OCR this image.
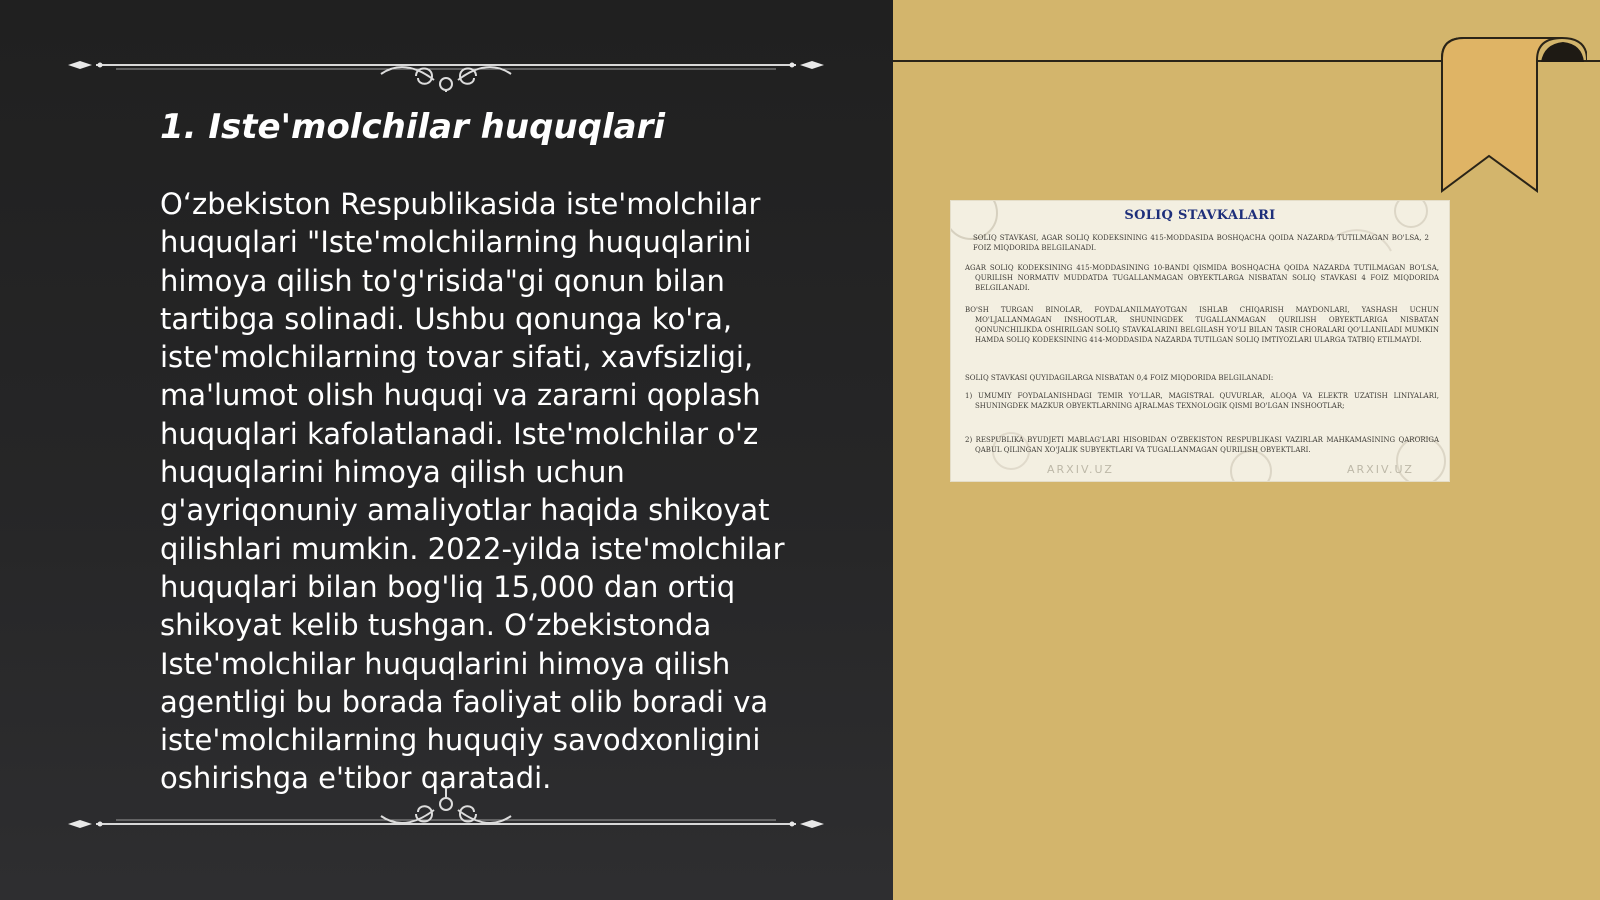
1. Iste'molchilar huquqlari

O‘zbekiston Respublikasida iste'molchilar huquqlari "Iste'molchilarning huquqlarini himoya qilish to'g'risida"gi qonun bilan tartibga solinadi. Ushbu qonunga ko'ra, iste'molchilarning tovar sifati, xavfsizligi, ma'lumot olish huquqi va zararni qoplash huquqlari kafolatlanadi. Iste'molchilar o'z huquqlarini himoya qilish uchun g'ayriqonuniy amaliyotlar haqida shikoyat qilishlari mumkin. 2022-yilda iste'molchilar huquqlari bilan bog'liq 15,000 dan ortiq shikoyat kelib tushgan. O‘zbekistonda Iste'molchilar huquqlarini himoya qilish agentligi bu borada faoliyat olib boradi va iste'molchilarning huquqiy savodxonligini oshirishga e'tibor qaratadi.

SOLIQ STAVKALARI

SOLIQ STAVKASI, AGAR SOLIQ KODEKSINING 415-MODDASIDA BOSHQACHA QOIDA NAZARDA TUTILMAGAN BO'LSA, 2 FOIZ MIQDORIDA BELGILANADI.

AGAR SOLIQ KODEKSINING 415-MODDASINING 10-BANDI QISMIDA BOSHQACHA QOIDA NAZARDA TUTILMAGAN BO'LSA, QURILISH NORMATIV MUDDATDA TUGALLANMAGAN OBYEKTLARGA NISBATAN SOLIQ STAVKASI 4 FOIZ MIQDORIDA BELGILANADI.

BO'SH TURGAN BINOLAR, FOYDALANILMAYOTGAN ISHLAB CHIQARISH MAYDONLARI, YASHASH UCHUN MO'LJALLANMAGAN INSHOOTLAR, SHUNINGDEK TUGALLANMAGAN QURILISH OBYEKTLARIGA NISBATAN QONUNCHILIKDA OSHIRILGAN SOLIQ STAVKALARINI BELGILASH YO'LI BILAN TASIR CHORALARI QO'LLANILADI MUMKIN HAMDA SOLIQ KODEKSINING 414-MODDASIDA NAZARDA TUTILGAN SOLIQ IMTIYOZLARI ULARGA TATBIQ ETILMAYDI.

SOLIQ STAVKASI QUYIDAGILARGA NISBATAN 0,4 FOIZ MIQDORIDA BELGILANADI:

1) UMUMIY FOYDALANISHDAGI TEMIR YO'LLAR, MAGISTRAL QUVURLAR, ALOQA VA ELEKTR UZATISH LINIYALARI, SHUNINGDEK MAZKUR OBYEKTLARNING AJRALMAS TEXNOLOGIK QISMI BO'LGAN INSHOOTLAR;

2) RESPUBLIKA BYUDJETI MABLAG'LARI HISOBIDAN O'ZBEKISTON RESPUBLIKASI VAZIRLAR MAHKAMASINING QARORIGA QABUL QILINGAN XO'JALIK SUBYEKTLARI VA TUGALLANMAGAN QURILISH OBYEKTLARI.

ARXIV.UZ	ARXIV.UZ
